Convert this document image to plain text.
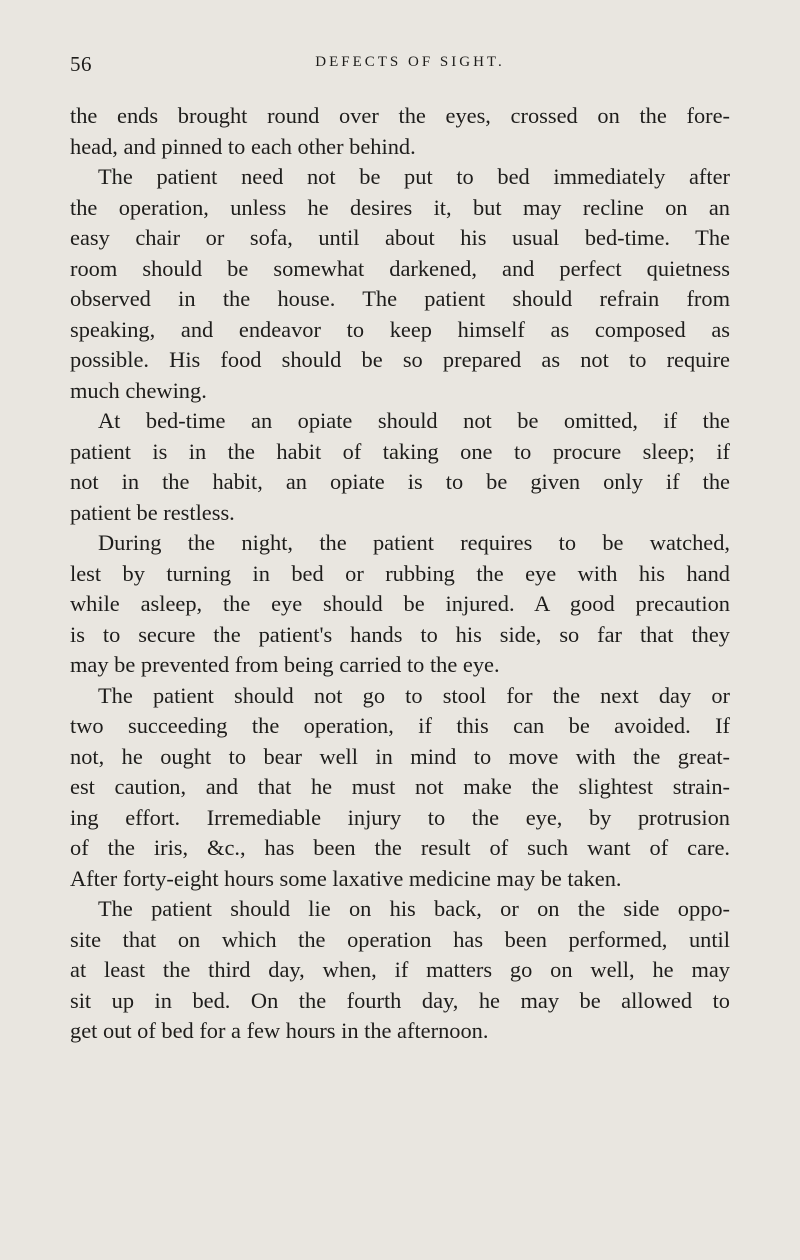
56	DEFECTS OF SIGHT.
the ends brought round over the eyes, crossed on the fore-
head, and pinned to each other behind.
The patient need not be put to bed immediately after
the operation, unless he desires it, but may recline on an
easy chair or sofa, until about his usual bed-time. The
room should be somewhat darkened, and perfect quietness
observed in the house. The patient should refrain from
speaking, and endeavor to keep himself as composed as
possible. His food should be so prepared as not to require
much chewing.
At bed-time an opiate should not be omitted, if the
patient is in the habit of taking one to procure sleep; if
not in the habit, an opiate is to be given only if the
patient be restless.
During the night, the patient requires to be watched,
lest by turning in bed or rubbing the eye with his hand
while asleep, the eye should be injured. A good precaution
is to secure the patient's hands to his side, so far that they
may be prevented from being carried to the eye.
The patient should not go to stool for the next day or
two succeeding the operation, if this can be avoided. If
not, he ought to bear well in mind to move with the great-
est caution, and that he must not make the slightest strain-
ing effort. Irremediable injury to the eye, by protrusion
of the iris, &c., has been the result of such want of care.
After forty-eight hours some laxative medicine may be taken.
The patient should lie on his back, or on the side oppo-
site that on which the operation has been performed, until
at least the third day, when, if matters go on well, he may
sit up in bed. On the fourth day, he may be allowed to
get out of bed for a few hours in the afternoon.
